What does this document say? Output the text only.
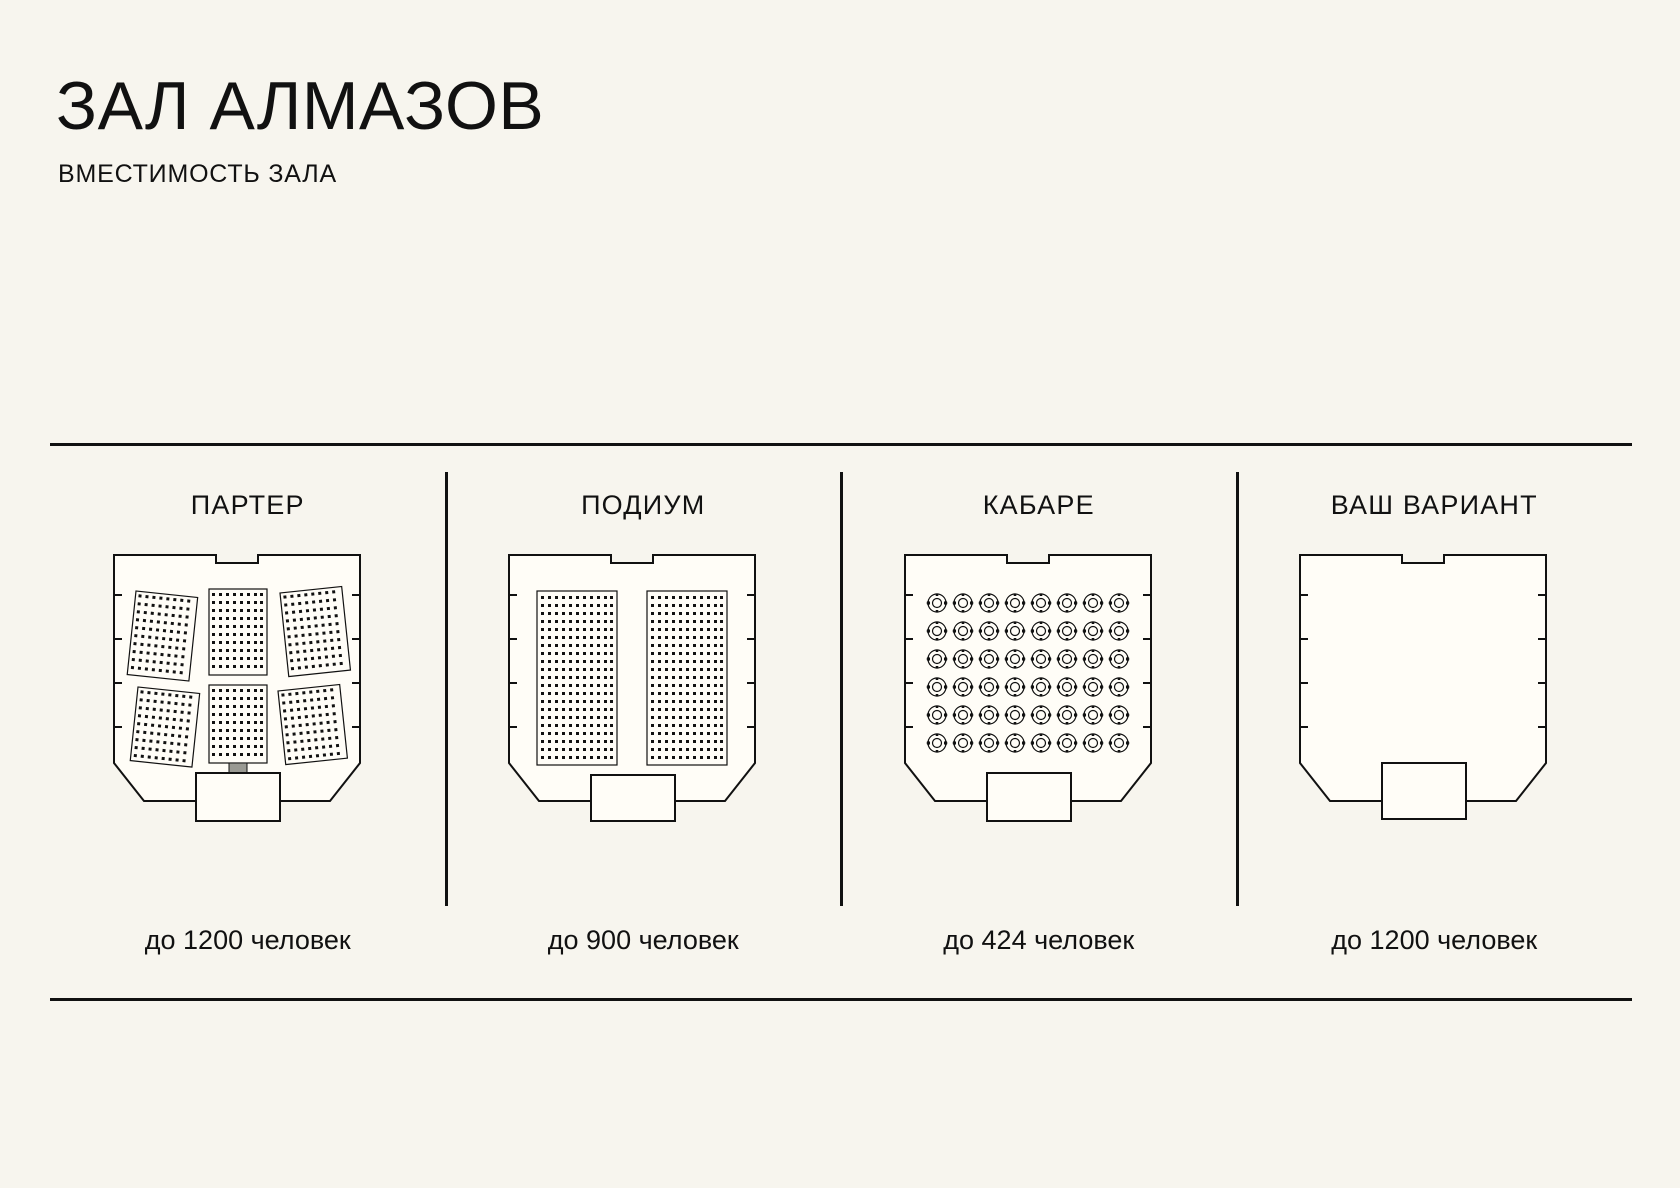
ЗАЛ АЛМАЗОВ
ВМЕСТИМОСТЬ ЗАЛА
ПАРТЕР
до 1200 человек
ПОДИУМ
до 900 человек
КАБАРЕ
до 424 человек
ВАШ ВАРИАНТ
до 1200 человек
